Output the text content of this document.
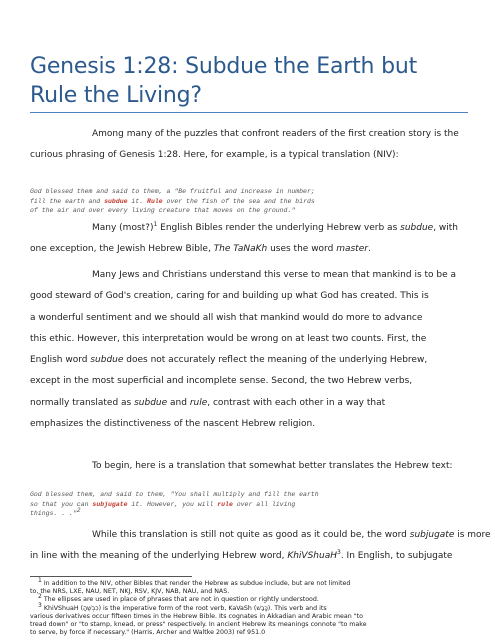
Genesis 1:28: Subdue the Earth but
Rule the Living?
Among many of the puzzles that confront readers of the first creation story is the
curious phrasing of Genesis 1:28. Here, for example, is a typical translation (NIV):
God blessed them and said to them, a "Be fruitful and increase in number;
fill the earth and subdue it. Rule over the fish of the sea and the birds
of the air and over every living creature that moves on the ground."
Many (most?)$^1$ English Bibles render the underlying Hebrew verb as subdue, with
one exception, the Jewish Hebrew Bible, The TaNaKh uses the word master.
Many Jews and Christians understand this verse to mean that mankind is to be a
good steward of God's creation, caring for and building up what God has created. This is
a wonderful sentiment and we should all wish that mankind would do more to advance
this ethic. However, this interpretation would be wrong on at least two counts. First, the
English word subdue does not accurately reflect the meaning of the underlying Hebrew,
except in the most superficial and incomplete sense. Second, the two Hebrew verbs,
normally translated as subdue and rule, contrast with each other in a way that
emphasizes the distinctiveness of the nascent Hebrew religion.
To begin, here is a translation that somewhat better translates the Hebrew text:
God blessed them, and said to them, "You shall multiply and fill the earth
so that you can subjugate it. However, you will rule over all living
things. . ."$^2$
While this translation is still not quite as good as it could be, the word subjugate is more
in line with the meaning of the underlying Hebrew word, KhiVShuaH$^3$. In English, to subjugate
$^1$ In addition to the NIV, other Bibles that render the Hebrew as subdue include, but are not limited
to, the NRS, LXE, NAU, NET, NKJ, RSV, KJV, NAB, NAU, and NAS.
$^2$ The ellipses are used in place of phrases that are not in question or rightly understood.
$^3$ KhiVShuaH (כִבְשֻׁהָ) is the imperative form of the root verb, KaVaSh (כָּבַשׁ). This verb and its
various derivatives occur fifteen times in the Hebrew Bible. Its cognates in Akkadian and Arabic mean "to
tread down" or "to stamp, knead, or press" respectively. In ancient Hebrew its meanings connote "to make
to serve, by force if necessary." (Harris, Archer and Waltke 2003) ref 951.0
